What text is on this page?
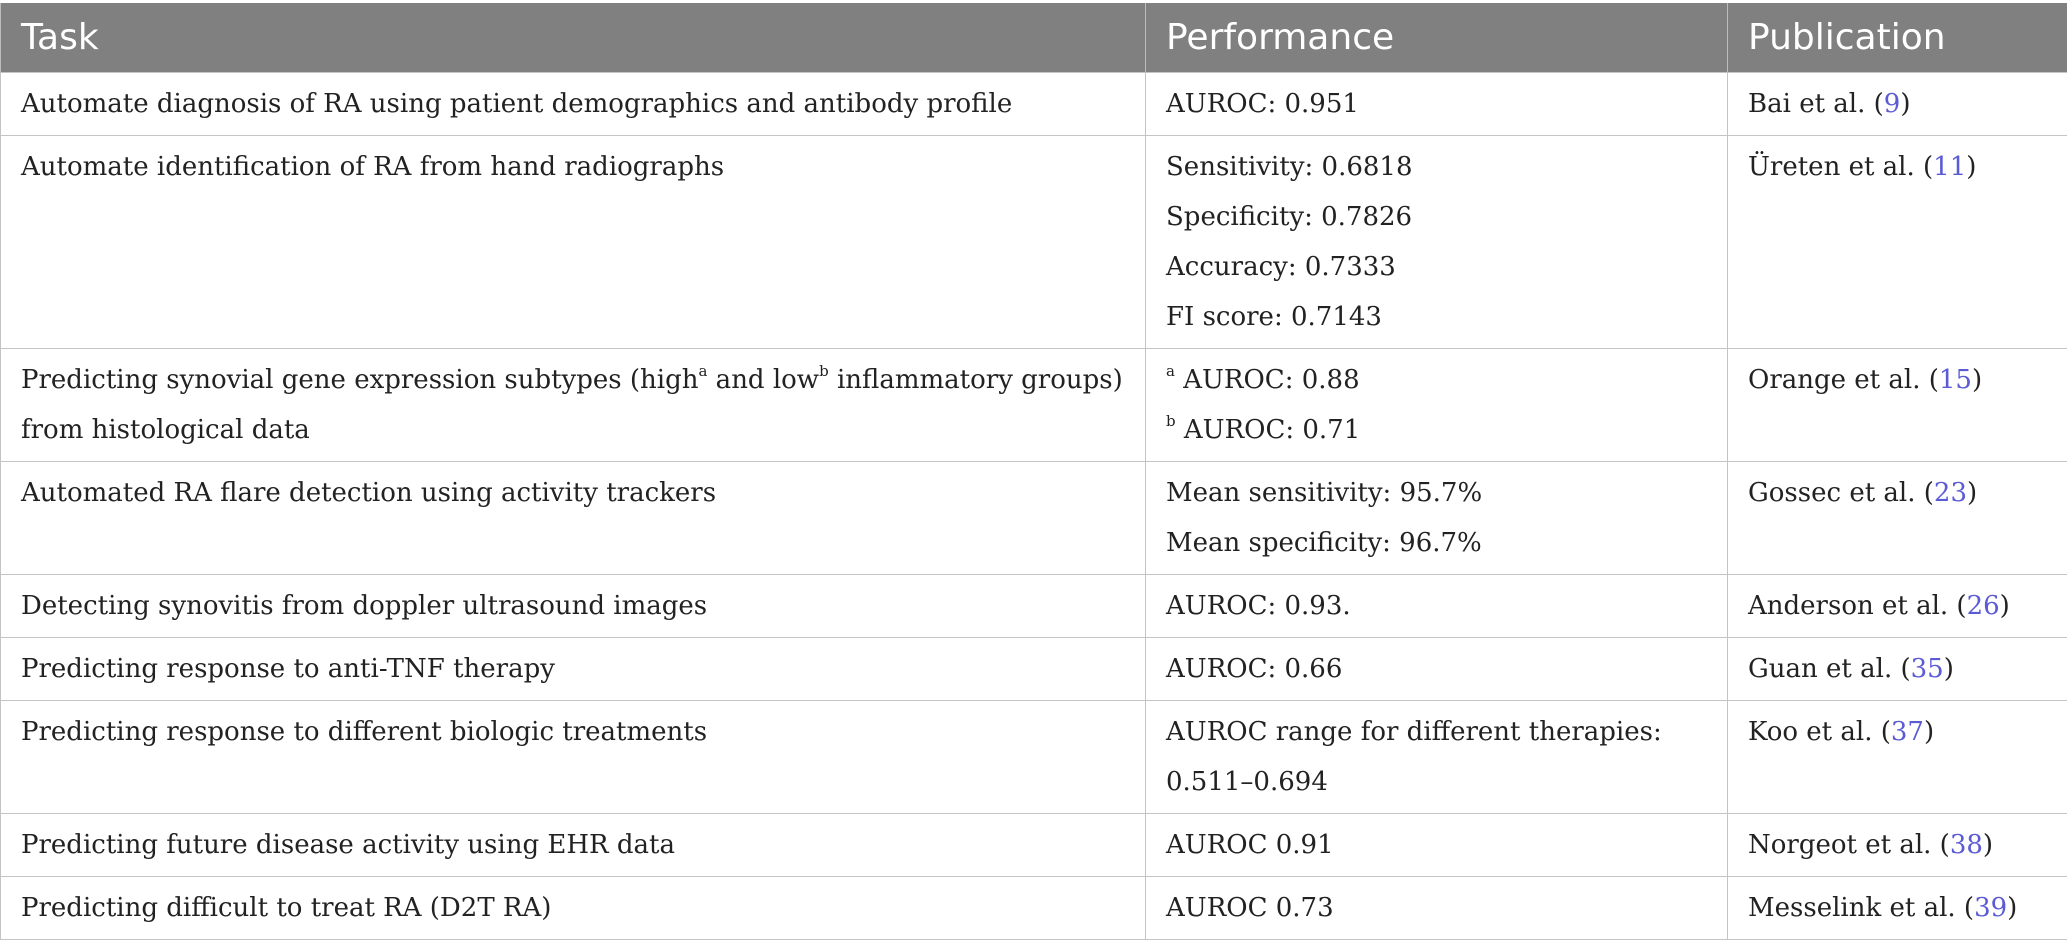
Task	Performance	Publication

Automate diagnosis of RA using patient demographics and antibody profile	AUROC: 0.951	Bai et al. (9)

Automate identification of RA from hand radiographs	Sensitivity: 0.6818
Specificity: 0.7826
Accuracy: 0.7333
FI score: 0.7143	Üreten et al. (11)

Predicting synovial gene expression subtypes (high$^a$ and low$^b$ inflammatory groups) from histological data	$^a$ AUROC: 0.88
$^b$ AUROC: 0.71	Orange et al. (15)

Automated RA flare detection using activity trackers	Mean sensitivity: 95.7%
Mean specificity: 96.7%	Gossec et al. (23)

Detecting synovitis from doppler ultrasound images	AUROC: 0.93.	Anderson et al. (26)

Predicting response to anti-TNF therapy	AUROC: 0.66	Guan et al. (35)

Predicting response to different biologic treatments	AUROC range for different therapies: 0.511–0.694	Koo et al. (37)

Predicting future disease activity using EHR data	AUROC 0.91	Norgeot et al. (38)

Predicting difficult to treat RA (D2T RA)	AUROC 0.73	Messelink et al. (39)
